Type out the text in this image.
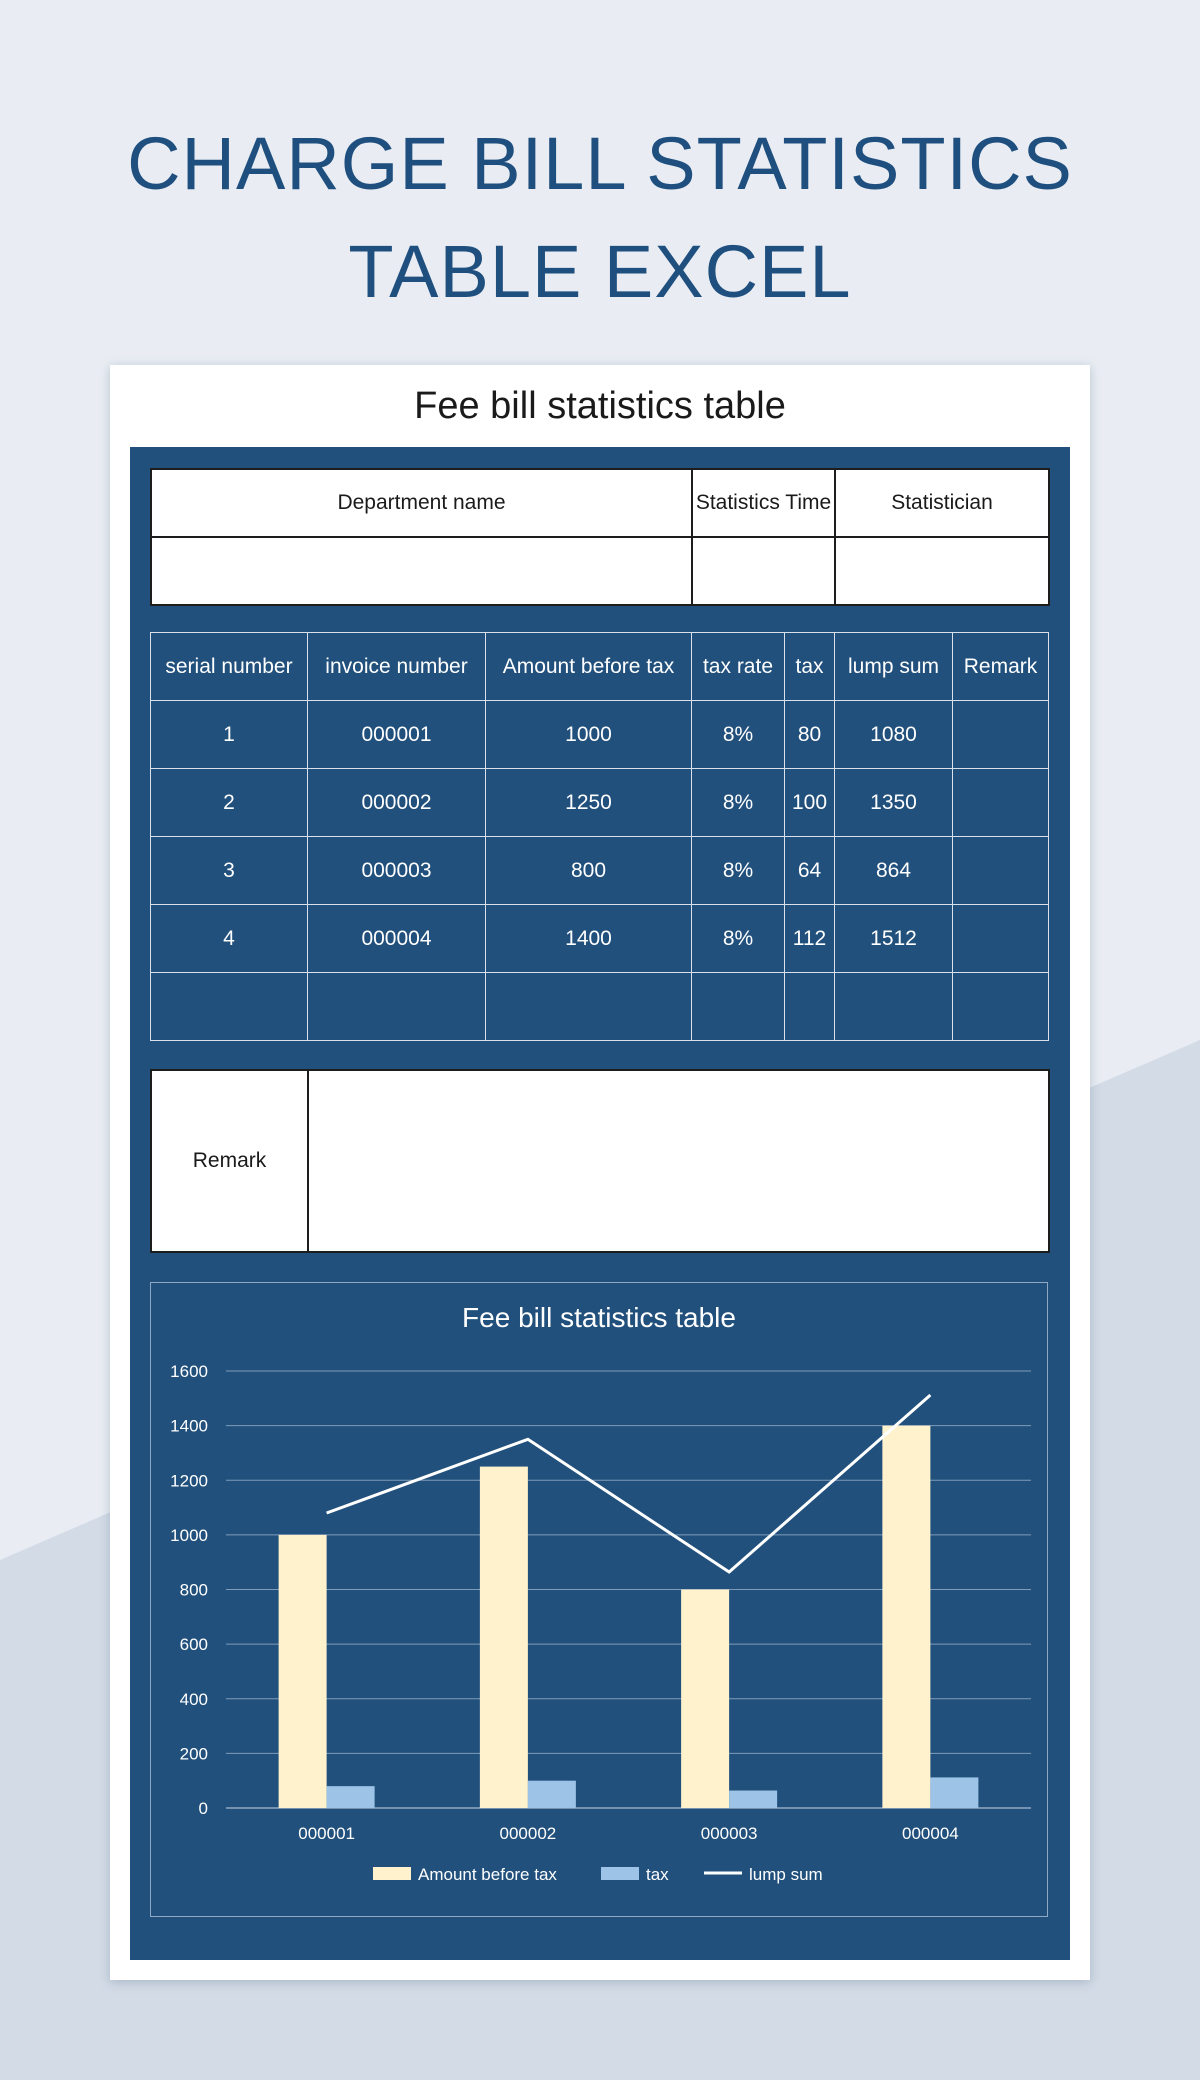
CHARGE BILL STATISTICS
TABLE EXCEL
Fee bill statistics table
Department name	Statistics Time	Statistician

serial number	invoice number	Amount before tax	tax rate	tax	lump sum	Remark
1	000001	1000	8%	80	1080	
2	000002	1250	8%	100	1350	
3	000003	800	8%	64	864	
4	000004	1400	8%	112	1512	

Remark	
Fee bill statistics table
0
200
400
600
800
1000
1200
1400
1600
000001	000002	000003	000004
Amount before tax	tax	lump sum
